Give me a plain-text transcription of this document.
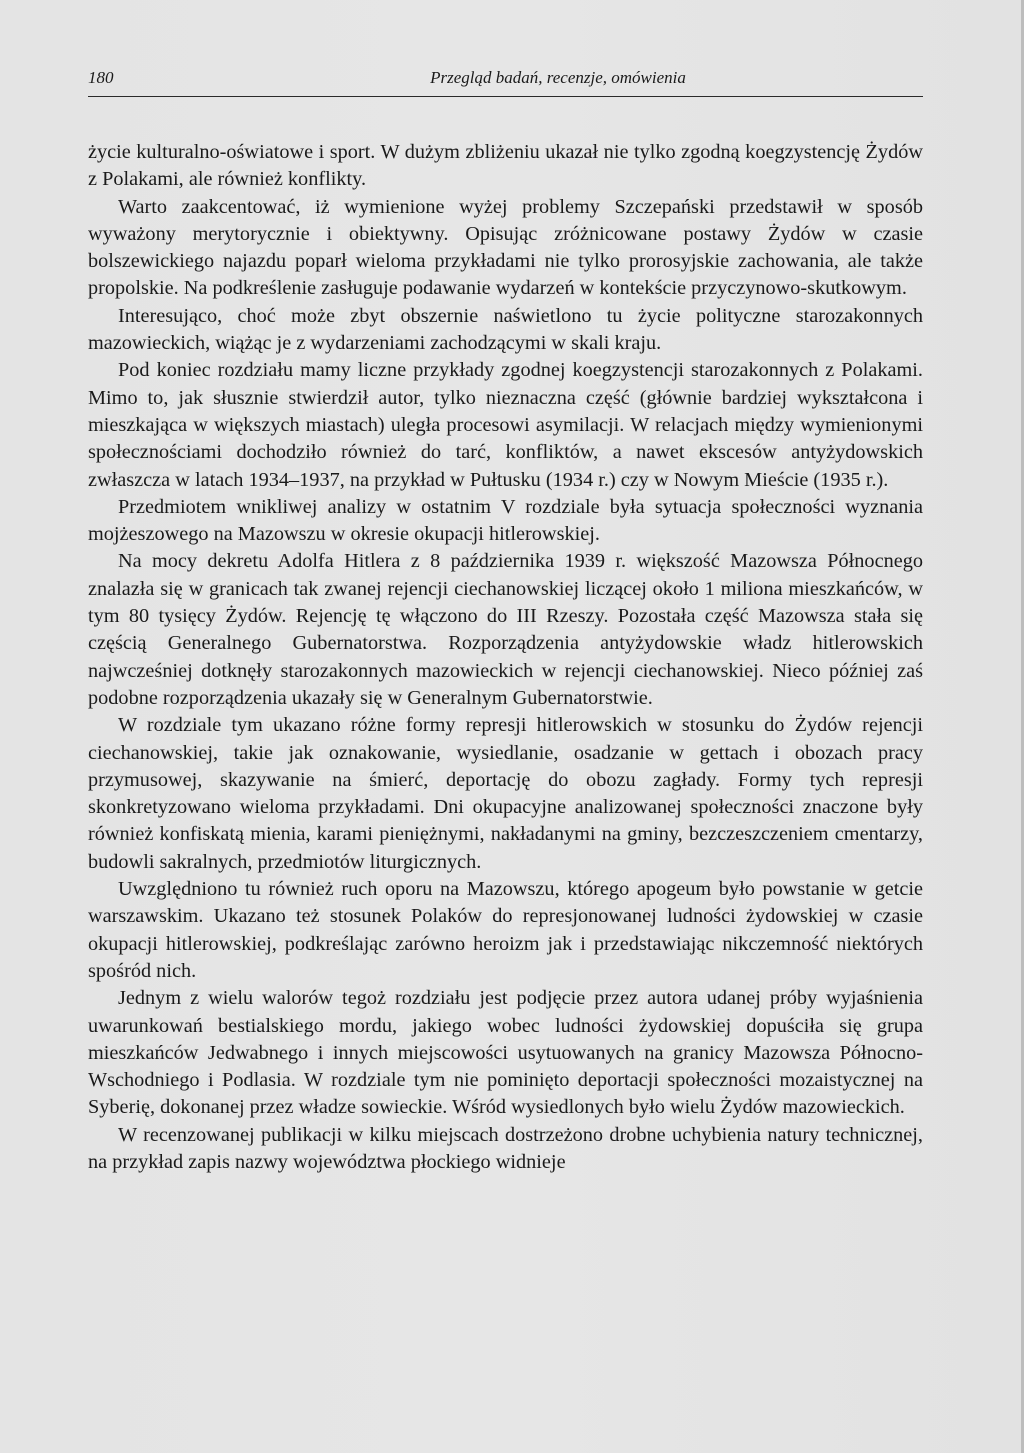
180	Przegląd badań, recenzje, omówienia

życie kulturalno-oświatowe i sport. W dużym zbliżeniu ukazał nie tylko zgodną koegzystencję Żydów z Polakami, ale również konflikty.

Warto zaakcentować, iż wymienione wyżej problemy Szczepański przedstawił w sposób wyważony merytorycznie i obiektywny. Opisując zróżnicowane postawy Żydów w czasie bolszewickiego najazdu poparł wieloma przykładami nie tylko prorosyjskie zachowania, ale także propolskie. Na podkreślenie zasługuje podawanie wydarzeń w kontekście przyczynowo-skutkowym.

Interesująco, choć może zbyt obszernie naświetlono tu życie polityczne starozakonnych mazowieckich, wiążąc je z wydarzeniami zachodzącymi w skali kraju.

Pod koniec rozdziału mamy liczne przykłady zgodnej koegzystencji starozakonnych z Polakami. Mimo to, jak słusznie stwierdził autor, tylko nieznaczna część (głównie bardziej wykształcona i mieszkająca w większych miastach) uległa procesowi asymilacji. W relacjach między wymienionymi społecznościami dochodziło również do tarć, konfliktów, a nawet ekscesów antyżydowskich zwłaszcza w latach 1934–1937, na przykład w Pułtusku (1934 r.) czy w Nowym Mieście (1935 r.).

Przedmiotem wnikliwej analizy w ostatnim V rozdziale była sytuacja społeczności wyznania mojżeszowego na Mazowszu w okresie okupacji hitlerowskiej.

Na mocy dekretu Adolfa Hitlera z 8 października 1939 r. większość Mazowsza Północnego znalazła się w granicach tak zwanej rejencji ciechanowskiej liczącej około 1 miliona mieszkańców, w tym 80 tysięcy Żydów. Rejencję tę włączono do III Rzeszy. Pozostała część Mazowsza stała się częścią Generalnego Gubernatorstwa. Rozporządzenia antyżydowskie władz hitlerowskich najwcześniej dotknęły starozakonnych mazowieckich w rejencji ciechanowskiej. Nieco później zaś podobne rozporządzenia ukazały się w Generalnym Gubernatorstwie.

W rozdziale tym ukazano różne formy represji hitlerowskich w stosunku do Żydów rejencji ciechanowskiej, takie jak oznakowanie, wysiedlanie, osadzanie w gettach i obozach pracy przymusowej, skazywanie na śmierć, deportację do obozu zagłady. Formy tych represji skonkretyzowano wieloma przykładami. Dni okupacyjne analizowanej społeczności znaczone były również konfiskatą mienia, karami pieniężnymi, nakładanymi na gminy, bezczeszczeniem cmentarzy, budowli sakralnych, przedmiotów liturgicznych.

Uwzględniono tu również ruch oporu na Mazowszu, którego apogeum było powstanie w getcie warszawskim. Ukazano też stosunek Polaków do represjonowanej ludności żydowskiej w czasie okupacji hitlerowskiej, podkreślając zarówno heroizm jak i przedstawiając nikczemność niektórych spośród nich.

Jednym z wielu walorów tegoż rozdziału jest podjęcie przez autora udanej próby wyjaśnienia uwarunkowań bestialskiego mordu, jakiego wobec ludności żydowskiej dopuściła się grupa mieszkańców Jedwabnego i innych miejscowości usytuowanych na granicy Mazowsza Północno-Wschodniego i Podlasia. W rozdziale tym nie pominięto deportacji społeczności mozaistycznej na Syberię, dokonanej przez władze sowieckie. Wśród wysiedlonych było wielu Żydów mazowieckich.

W recenzowanej publikacji w kilku miejscach dostrzeżono drobne uchybienia natury technicznej, na przykład zapis nazwy województwa płockiego widnieje
